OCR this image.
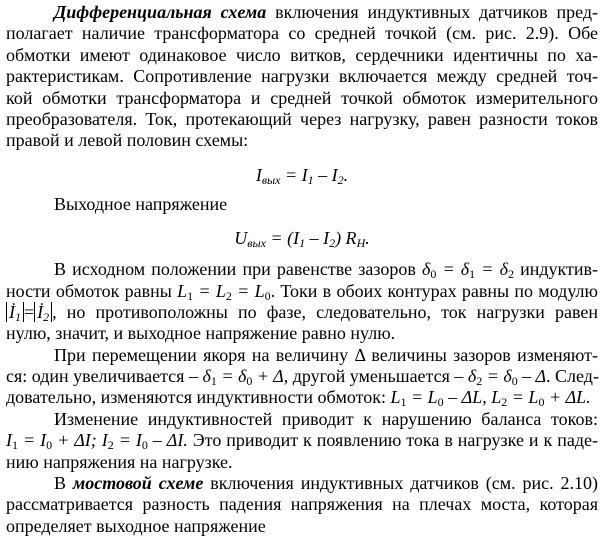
Дифференциальная схема включения индуктивных датчиков пред-
полагает наличие трансформатора со средней точкой (см. рис. 2.9). Обе
обмотки имеют одинаковое число витков, сердечники идентичны по ха-
рактеристикам. Сопротивление нагрузки включается между средней точ-
кой обмотки трансформатора и средней точкой обмоток измерительного
преобразователя. Ток, протекающий через нагрузку, равен разности токов
правой и левой половин схемы:
$I_{вых} = I_1 - I_2$.
Выходное напряжение
$U_{вых} = (I_1 - I_2)$ $R_H$.
В исходном положении при равенстве зазоров $\delta_0 = \delta_1 = \delta_2$ индуктив-
ности обмоток равны $L_1 = L_2 = L_0$. Токи в обоих контурах равны по модулю
$İ_1$ = $İ_2$ , но противоположны по фазе, следовательно, ток нагрузки равен
нулю, значит, и выходное напряжение равно нулю.
При перемещении якоря на величину Δ величины зазоров изменяют-
ся: один увеличивается – $\delta_1 = \delta_0 + \Delta$, другой уменьшается – $\delta_2 = \delta_0 - \Delta$. След-
довательно, изменяются индуктивности обмоток: $L_1 = L_0 - \Delta L$, $L_2 = L_0 + \Delta L$.
Изменение индуктивностей приводит к нарушению баланса токов:
$I_1 = I_0 + \Delta I$; $I_2 = I_0 - \Delta I$. Это приводит к появлению тока в нагрузке и к паде-
нию напряжения на нагрузке.
В мостовой схеме включения индуктивных датчиков (см. рис. 2.10)
рассматривается разность падения напряжения на плечах моста, которая
определяет выходное напряжение
